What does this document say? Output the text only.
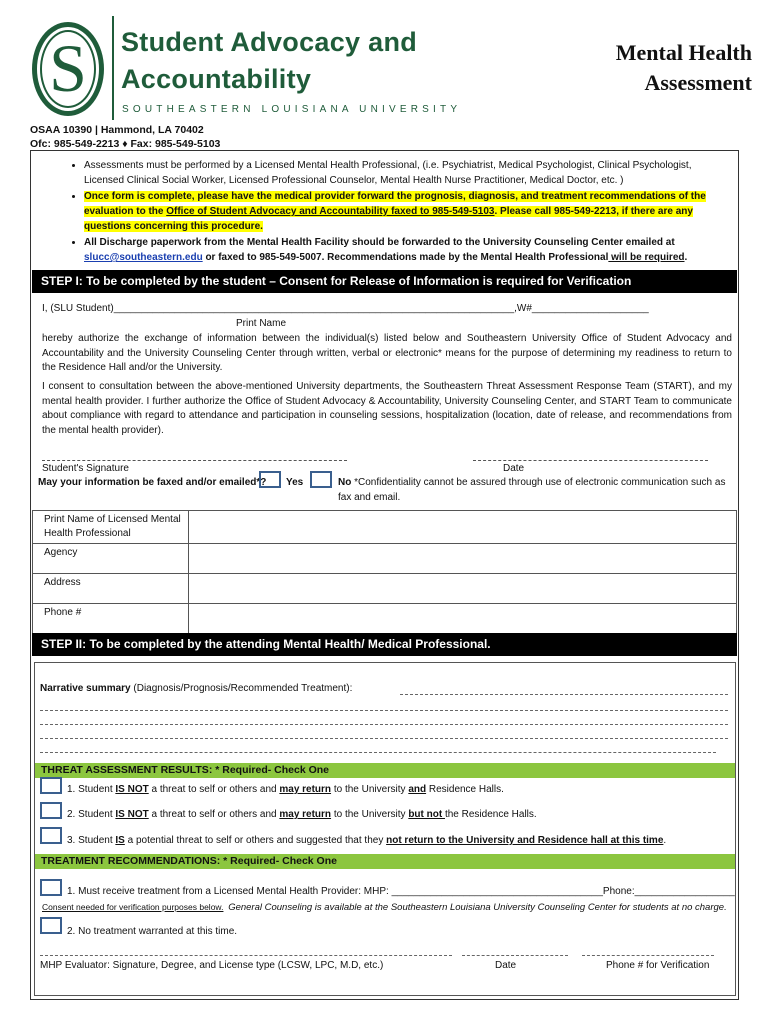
S	Student Advocacy and
Accountability
SOUTHEASTERN LOUISIANA UNIVERSITY
Mental Health
Assessment
OSAA 10390 | Hammond, LA 70402
Ofc: 985-549-2213 ♦ Fax: 985-549-5103
• Assessments must be performed by a Licensed Mental Health Professional, (i.e. Psychiatrist, Medical Psychologist, Clinical Psychologist, Licensed Clinical Social Worker, Licensed Professional Counselor, Mental Health Nurse Practitioner, Medical Doctor, etc. )
• Once form is complete, please have the medical provider forward the prognosis, diagnosis, and treatment recommendations of the evaluation to the Office of Student Advocacy and Accountability faxed to 985-549-5103. Please call 985-549-2213, if there are any questions concerning this procedure.
• All Discharge paperwork from the Mental Health Facility should be forwarded to the University Counseling Center emailed at slucc@southeastern.edu or faxed to 985-549-5007. Recommendations made by the Mental Health Professional will be required.
STEP I: To be completed by the student – Consent for Release of Information is required for Verification
I, (SLU Student)________________________________________________________________________,W#_____________________
Print Name
hereby authorize the exchange of information between the individual(s) listed below and Southeastern University Office of Student Advocacy and Accountability and the University Counseling Center through written, verbal or electronic* means for the purpose of determining my readiness to return to the Residence Hall and/or the University.
I consent to consultation between the above-mentioned University departments, the Southeastern Threat Assessment Response Team (START), and my mental health provider. I further authorize the Office of Student Advocacy & Accountability, University Counseling Center, and START Team to communicate about compliance with regard to attendance and participation in counseling sessions, hospitalization (location, date of release, and recommendations from the mental health provider).
Student's Signature	Date
May your information be faxed and/or emailed*? Yes	No *Confidentiality cannot be assured through use of electronic communication such as fax and email.
Print Name of Licensed Mental Health Professional	
Agency	
Address	
Phone #	
STEP II: To be completed by the attending Mental Health/ Medical Professional.
Narrative summary (Diagnosis/Prognosis/Recommended Treatment):
THREAT ASSESSMENT RESULTS: * Required- Check One
1. Student IS NOT a threat to self or others and may return to the University and Residence Halls.
2. Student IS NOT a threat to self or others and may return to the University but not the Residence Halls.
3. Student IS a potential threat to self or others and suggested that they not return to the University and Residence hall at this time.
TREATMENT RECOMMENDATIONS: * Required- Check One
1. Must receive treatment from a Licensed Mental Health Provider: MHP: ______________________________________Phone:__________________
Consent needed for verification purposes below. General Counseling is available at the Southeastern Louisiana University Counseling Center for students at no charge.
2. No treatment warranted at this time.
MHP Evaluator: Signature, Degree, and License type (LCSW, LPC, M.D, etc.)	Date	Phone # for Verification
